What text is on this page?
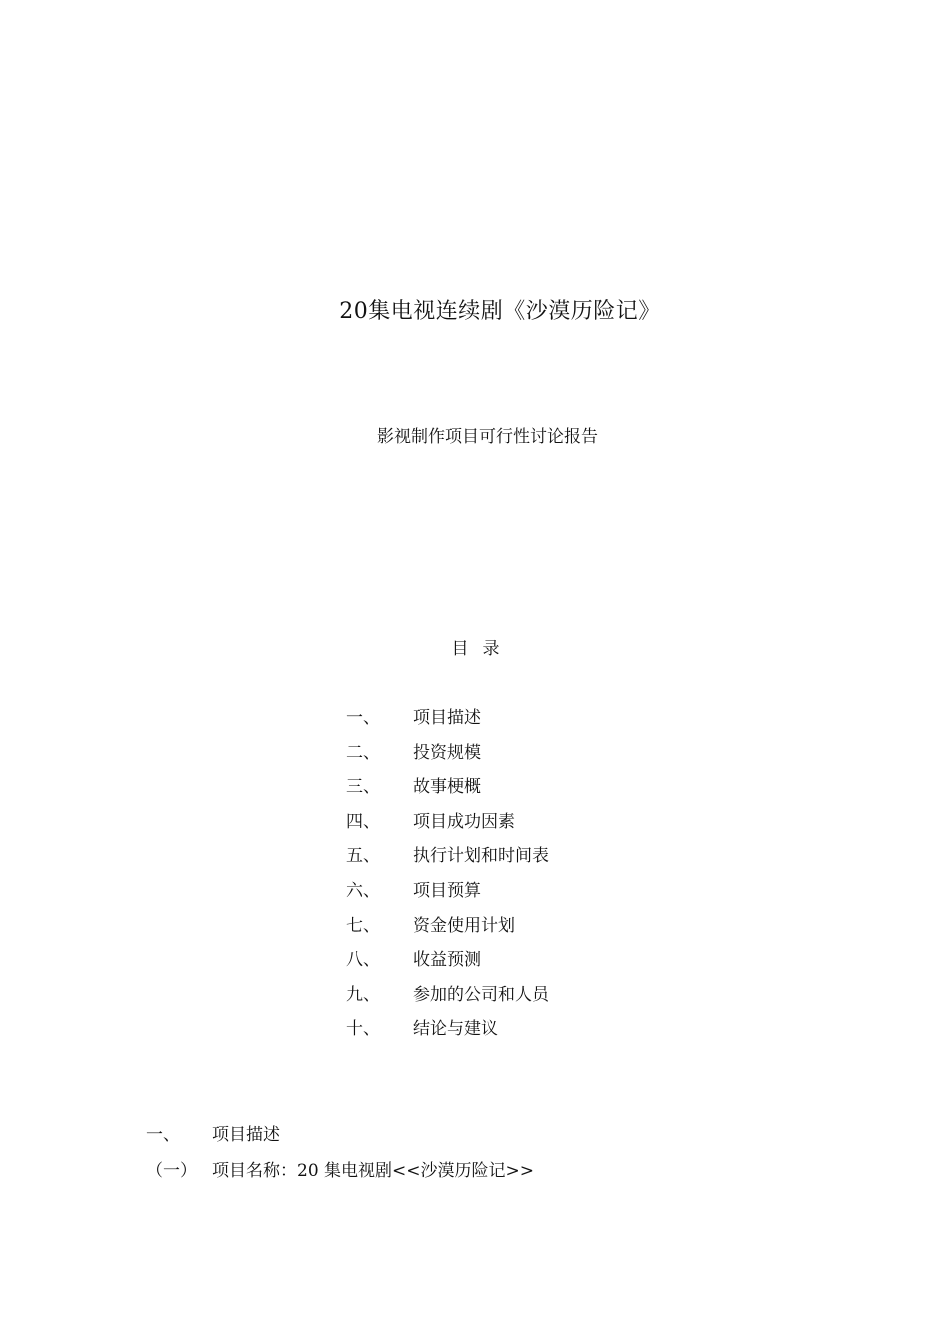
20集电视连续剧《沙漠历险记》
影视制作项目可行性讨论报告
目录
一、	项目描述
二、	投资规模
三、	故事梗概
四、	项目成功因素
五、	执行计划和时间表
六、	项目预算
七、	资金使用计划
八、	收益预测
九、	参加的公司和人员
十、	结论与建议
一、	项目描述
（一） 项目名称：20 集电视剧<<沙漠历险记>>
